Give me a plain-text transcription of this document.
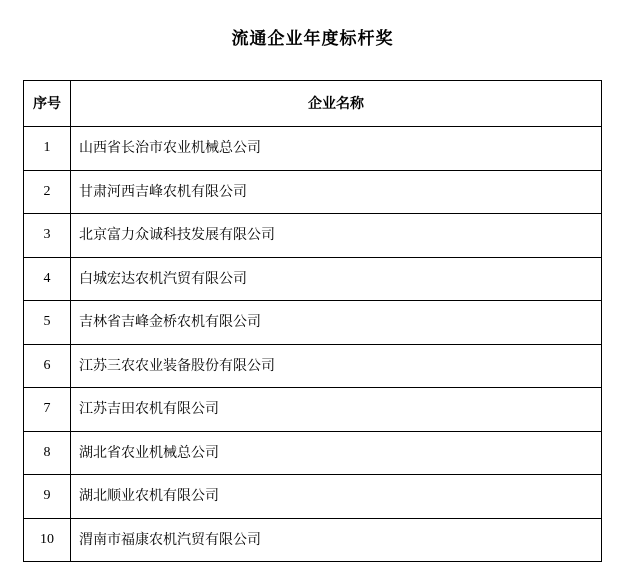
流通企业年度标杆奖
序号	企业名称
1	山西省长治市农业机械总公司
2	甘肃河西吉峰农机有限公司
3	北京富力众诚科技发展有限公司
4	白城宏达农机汽贸有限公司
5	吉林省吉峰金桥农机有限公司
6	江苏三农农业装备股份有限公司
7	江苏吉田农机有限公司
8	湖北省农业机械总公司
9	湖北顺业农机有限公司
10	渭南市福康农机汽贸有限公司
